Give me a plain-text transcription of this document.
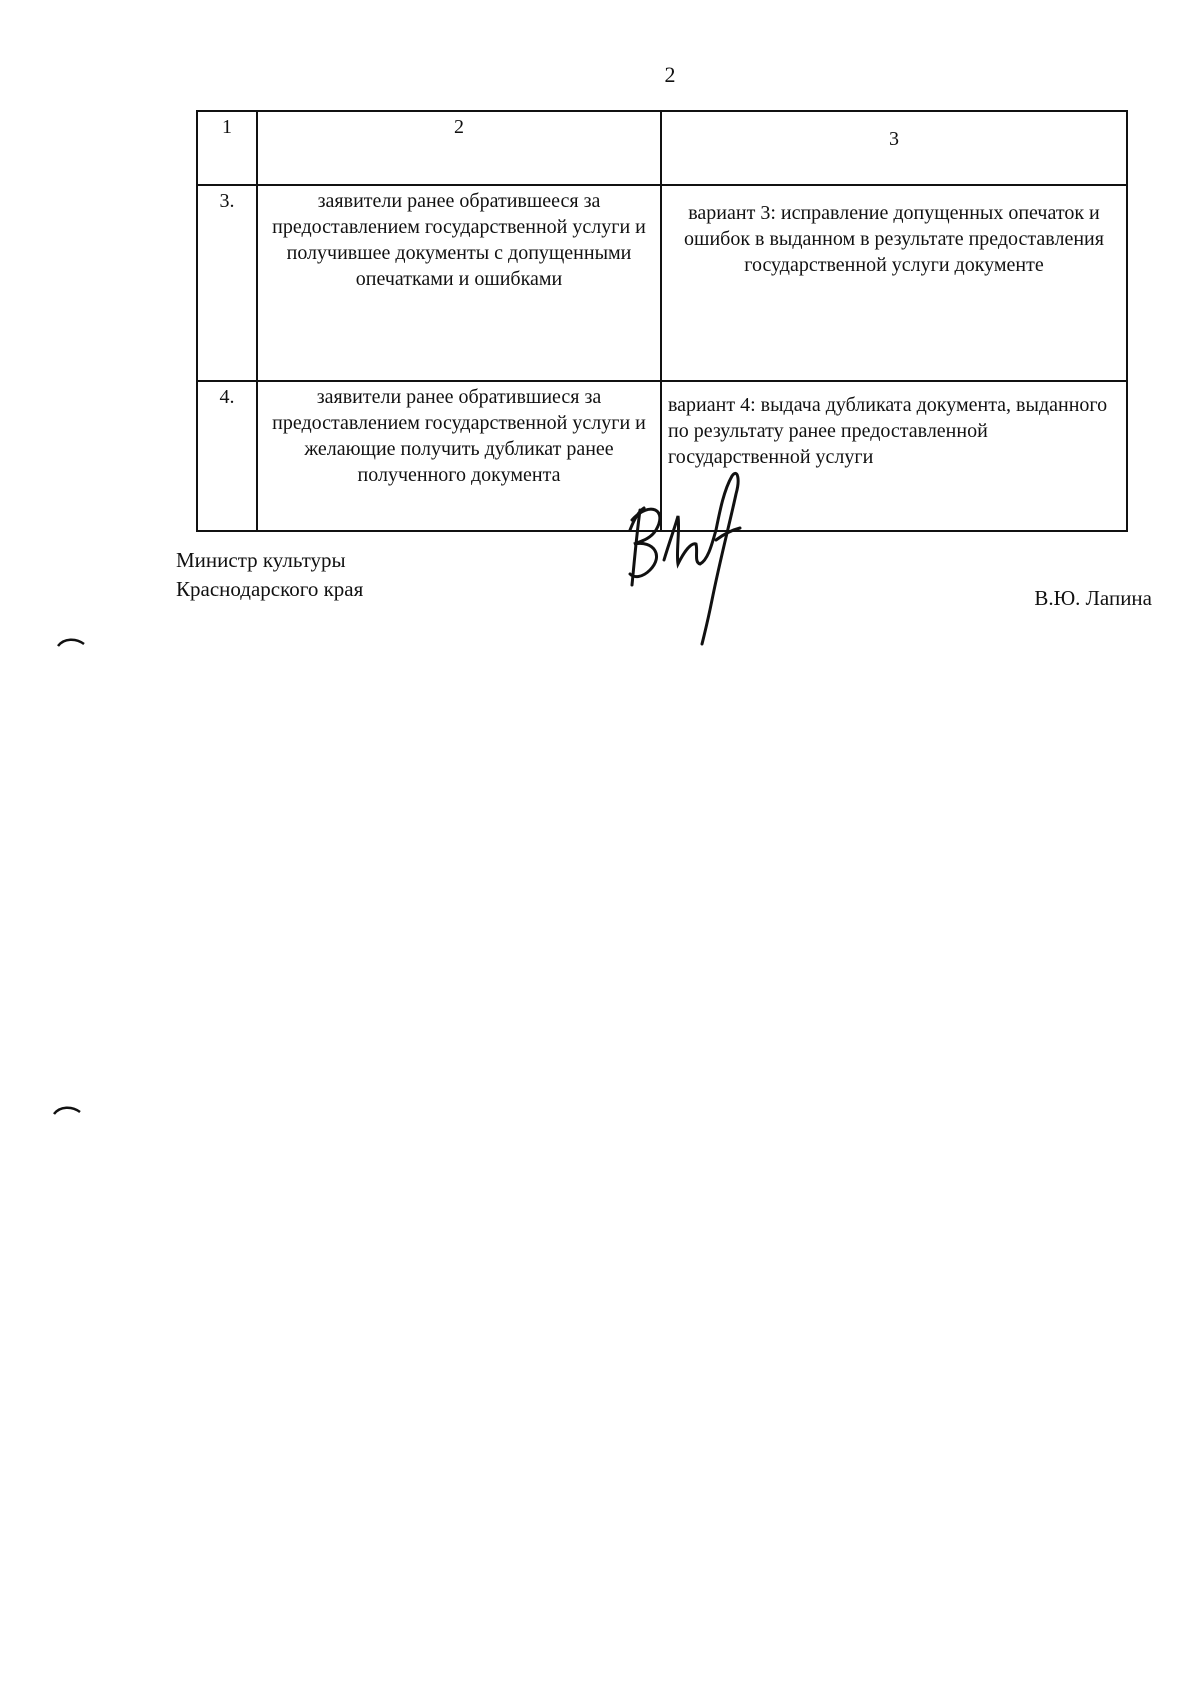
2
1	2	3
3.	заявители ранее обратившееся за предоставлением государственной услуги и получившее документы с допущенными опечатками и ошибками	вариант 3: исправление допущенных опечаток и ошибок в выданном в результате предоставления государственной услуги документе
4.	заявители ранее обратившиеся за предоставлением государственной услуги и желающие получить дубликат ранее полученного документа	вариант 4: выдача дубликата документа, выданного по результату ранее предоставленной государственной услуги
Министр культуры
Краснодарского края	В.Ю. Лапина
